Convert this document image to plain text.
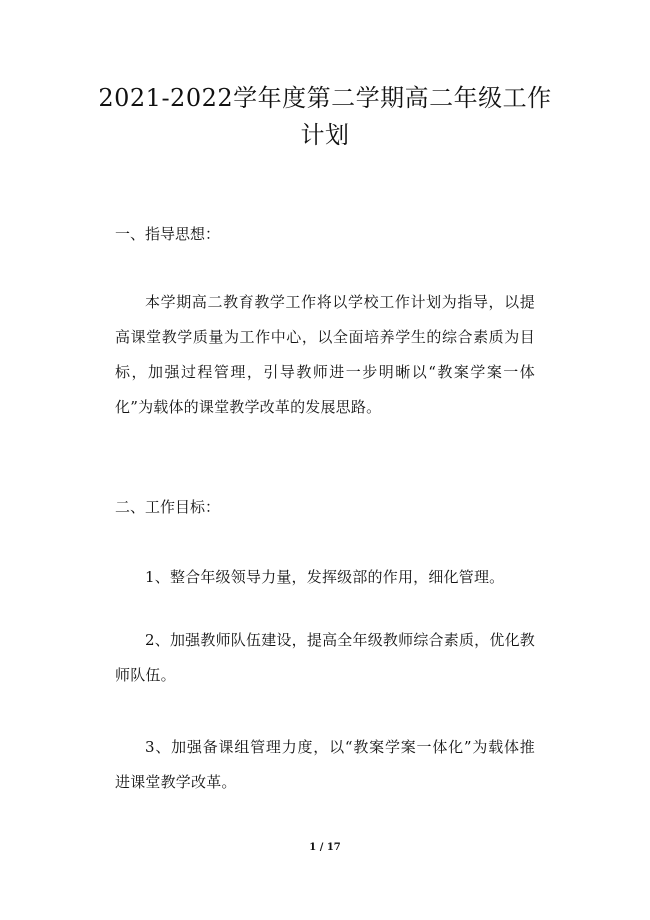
2021-2022学年度第二学期高二年级工作计划
一、指导思想：
本学期高二教育教学工作将以学校工作计划为指导，以提高课堂教学质量为工作中心，以全面培养学生的综合素质为目标，加强过程管理，引导教师进一步明晰以“教案学案一体化”为载体的课堂教学改革的发展思路。
二、工作目标：
1、整合年级领导力量，发挥级部的作用，细化管理。
2、加强教师队伍建设，提高全年级教师综合素质，优化教师队伍。
3、加强备课组管理力度，以“教案学案一体化”为载体推进课堂教学改革。
1 / 17
